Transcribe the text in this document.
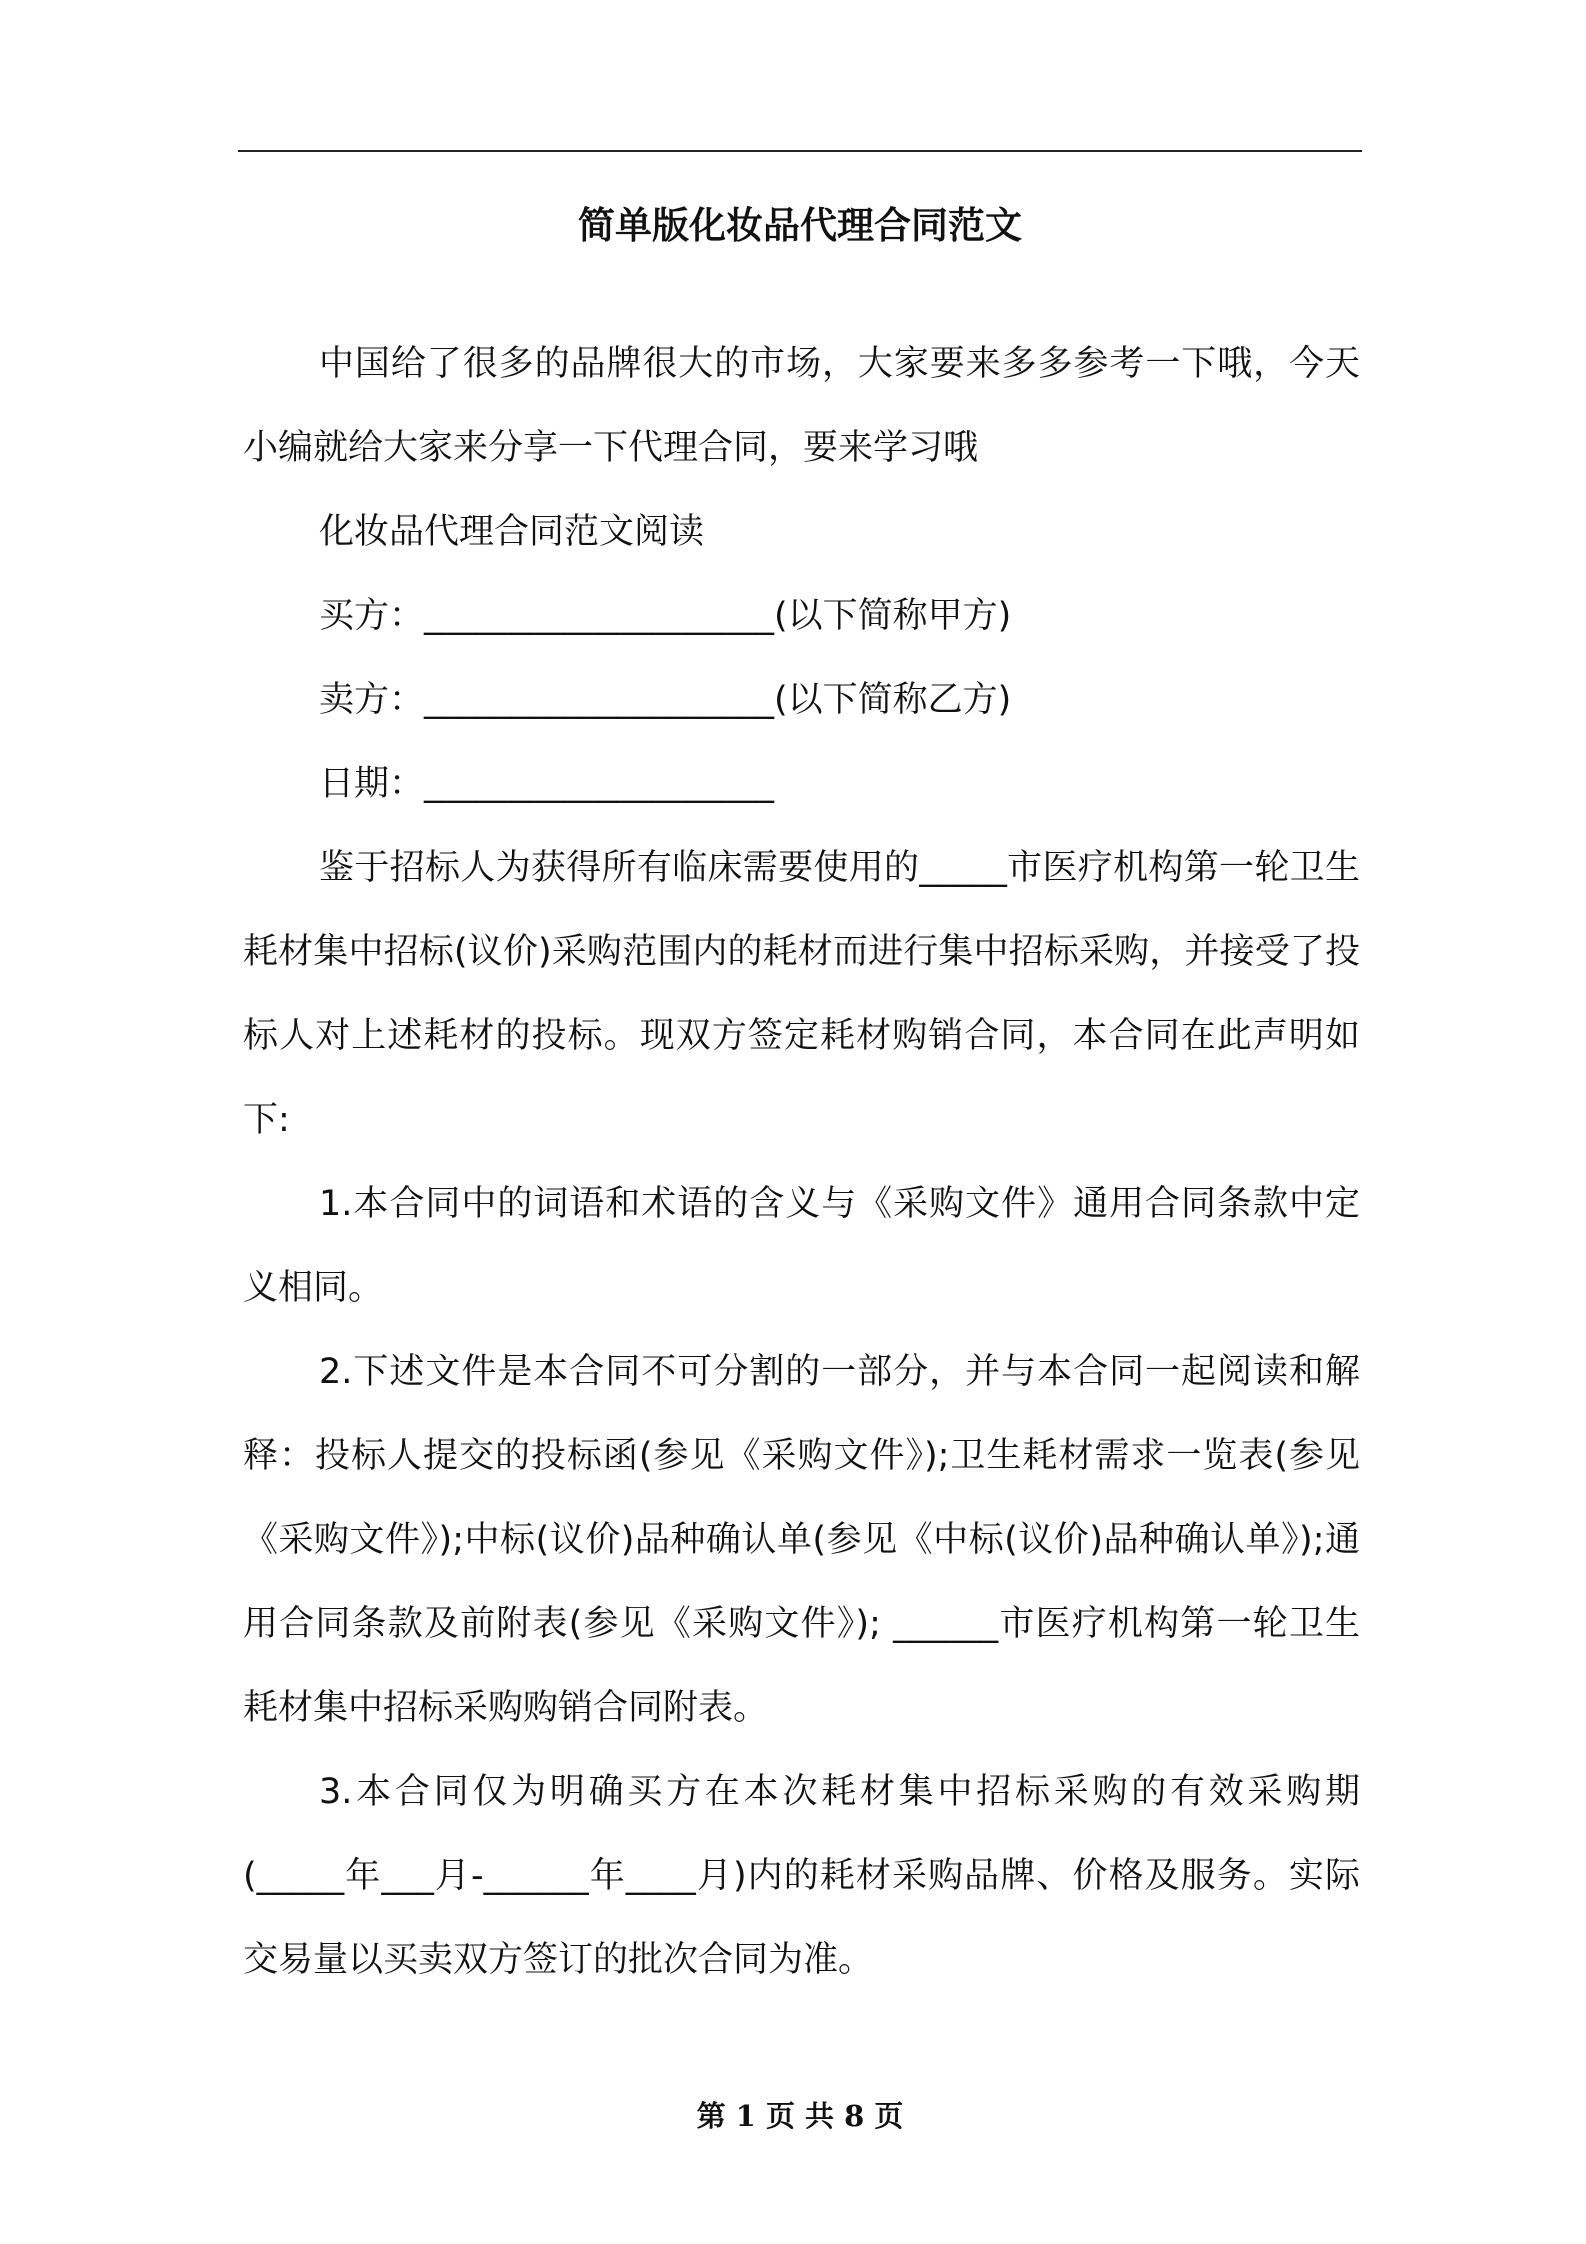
简单版化妆品代理合同范文

中国给了很多的品牌很大的市场，大家要来多多参考一下哦，今天小编就给大家来分享一下代理合同，要来学习哦

化妆品代理合同范文阅读

买方：____________________(以下简称甲方)

卖方：____________________(以下简称乙方)

日期：____________________

鉴于招标人为获得所有临床需要使用的_____市医疗机构第一轮卫生耗材集中招标(议价)采购范围内的耗材而进行集中招标采购，并接受了投标人对上述耗材的投标。现双方签定耗材购销合同，本合同在此声明如下:

1.本合同中的词语和术语的含义与《采购文件》通用合同条款中定义相同。

2.下述文件是本合同不可分割的一部分，并与本合同一起阅读和解释：投标人提交的投标函(参见《采购文件》);卫生耗材需求一览表(参见《采购文件》);中标(议价)品种确认单(参见《中标(议价)品种确认单》);通用合同条款及前附表(参见《采购文件》); ______市医疗机构第一轮卫生耗材集中招标采购购销合同附表。

3.本合同仅为明确买方在本次耗材集中招标采购的有效采购期(_____年___月-______年____月)内的耗材采购品牌、价格及服务。实际交易量以买卖双方签订的批次合同为准。

第 1 页 共 8 页
